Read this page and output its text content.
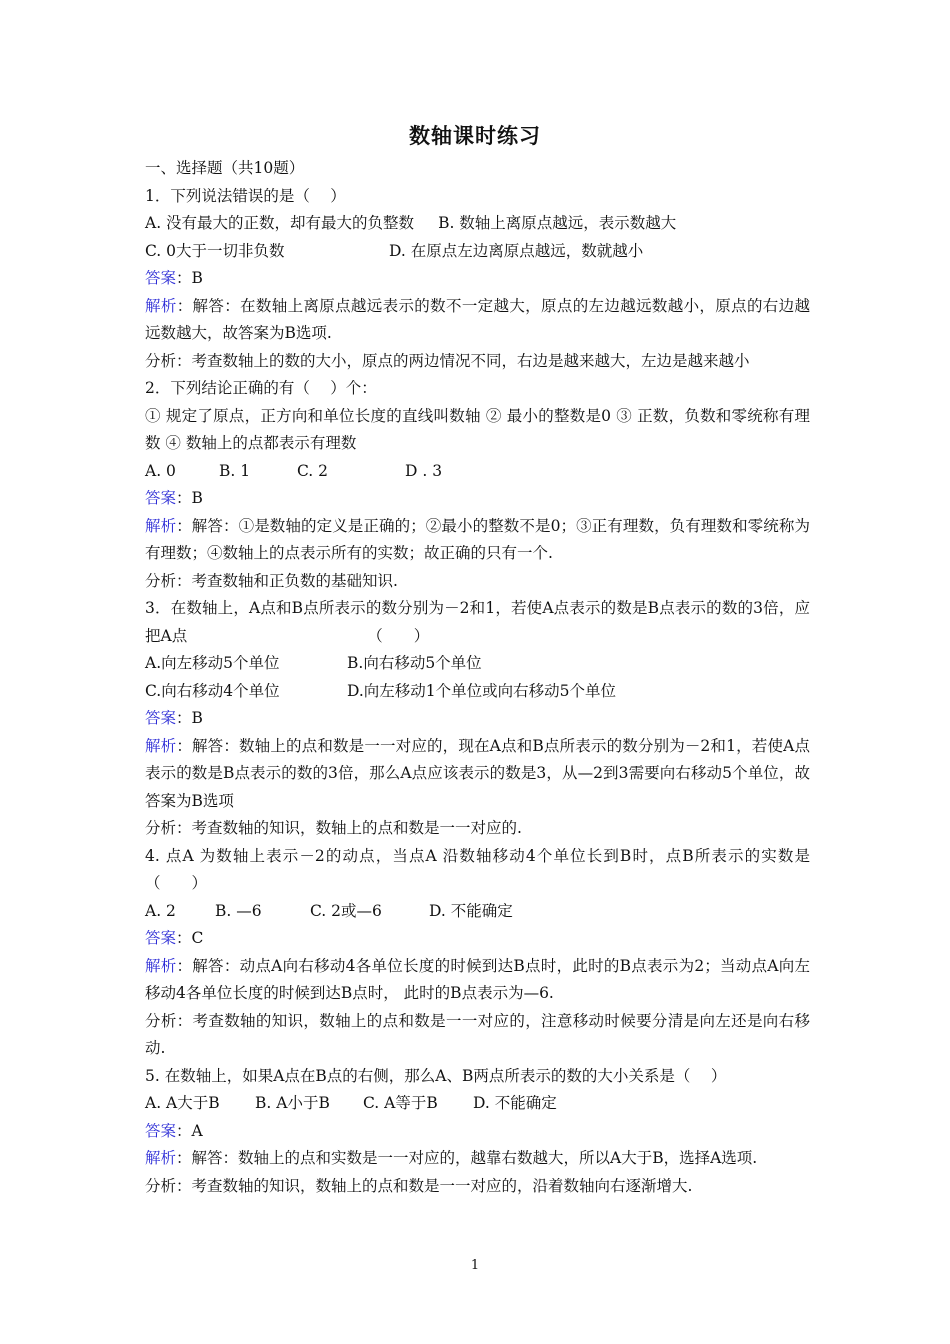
数轴课时练习
一、选择题（共10题）
1．下列说法错误的是（　 ）
A. 没有最大的正数，却有最大的负整数 B. 数轴上离原点越远，表示数越大
C. 0大于一切非负数	D. 在原点左边离原点越远，数就越小
答案：B
解析：解答：在数轴上离原点越远表示的数不一定越大，原点的左边越远数越小，原点的右边越远数越大，故答案为B选项.
分析：考查数轴上的数的大小，原点的两边情况不同，右边是越来越大，左边是越来越小
2．下列结论正确的有（　 ）个：
① 规定了原点，正方向和单位长度的直线叫数轴 ② 最小的整数是0 ③ 正数，负数和零统称有理数 ④ 数轴上的点都表示有理数
A. 0	B. 1	C. 2	D . 3
答案：B
解析：解答：①是数轴的定义是正确的；②最小的整数不是0；③正有理数，负有理数和零统称为有理数；④数轴上的点表示所有的实数；故正确的只有一个.
分析：考查数轴和正负数的基础知识.
3．在数轴上，A点和B点所表示的数分别为－2和1，若使A点表示的数是B点表示的数的3倍，应把A点	（　　）
A.向左移动5个单位	B.向右移动5个单位
C.向右移动4个单位	D.向左移动1个单位或向右移动5个单位
答案：B
解析：解答：数轴上的点和数是一一对应的，现在A点和B点所表示的数分别为－2和1，若使A点表示的数是B点表示的数的3倍，那么A点应该表示的数是3，从—2到3需要向右移动5个单位，故答案为B选项
分析：考查数轴的知识，数轴上的点和数是一一对应的.
4. 点A 为数轴上表示－2的动点，当点A 沿数轴移动4个单位长到B时，点B所表示的实数是（　　）
A. 2	B. —6	C. 2或—6	D. 不能确定
答案：C
解析：解答：动点A向右移动4各单位长度的时候到达B点时，此时的B点表示为2；当动点A向左移动4各单位长度的时候到达B点时， 此时的B点表示为—6.
分析：考查数轴的知识，数轴上的点和数是一一对应的，注意移动时候要分清是向左还是向右移动.
5. 在数轴上，如果A点在B点的右侧，那么A、B两点所表示的数的大小关系是（　 ）
A. A大于B B. A小于B C. A等于B D. 不能确定
答案：A
解析：解答：数轴上的点和实数是一一对应的，越靠右数越大，所以A大于B，选择A选项.
分析：考查数轴的知识，数轴上的点和数是一一对应的，沿着数轴向右逐渐增大.
1
